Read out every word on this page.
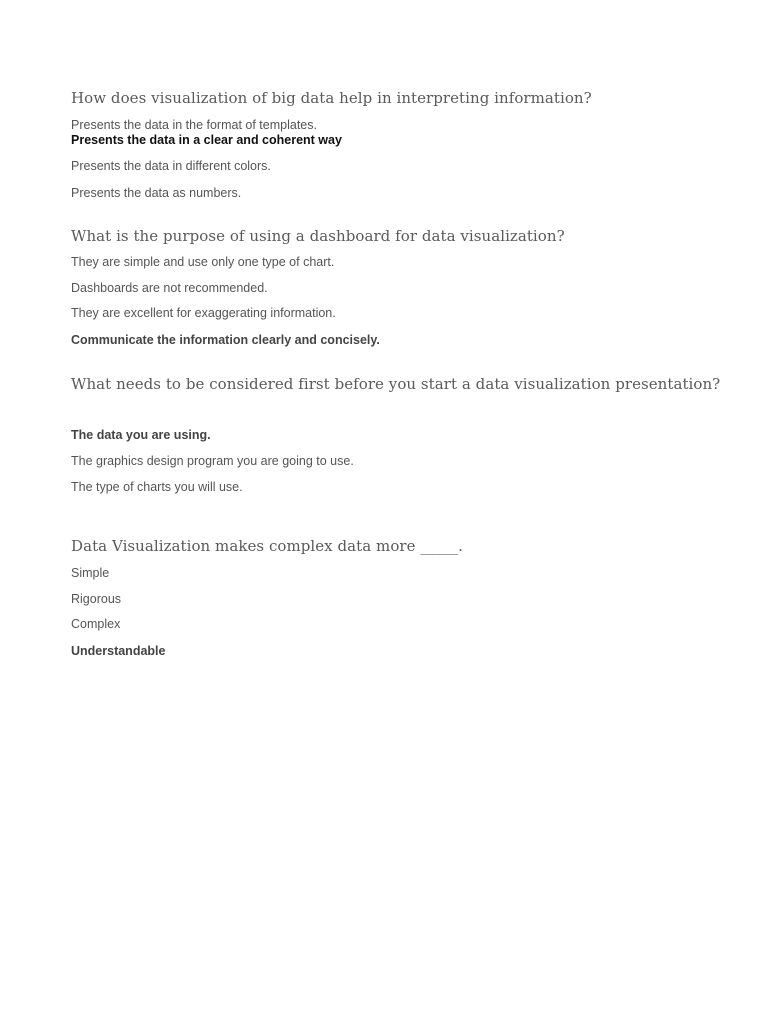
How does visualization of big data help in interpreting information?
Presents the data in the format of templates.
Presents the data in a clear and coherent way
Presents the data in different colors.
Presents the data as numbers.
What is the purpose of using a dashboard for data visualization?
They are simple and use only one type of chart.
Dashboards are not recommended.
They are excellent for exaggerating information.
Communicate the information clearly and concisely.
What needs to be considered first before you start a data visualization presentation?
The data you are using.
The graphics design program you are going to use.
The type of charts you will use.
Data Visualization makes complex data more _____.
Simple
Rigorous
Complex
Understandable
